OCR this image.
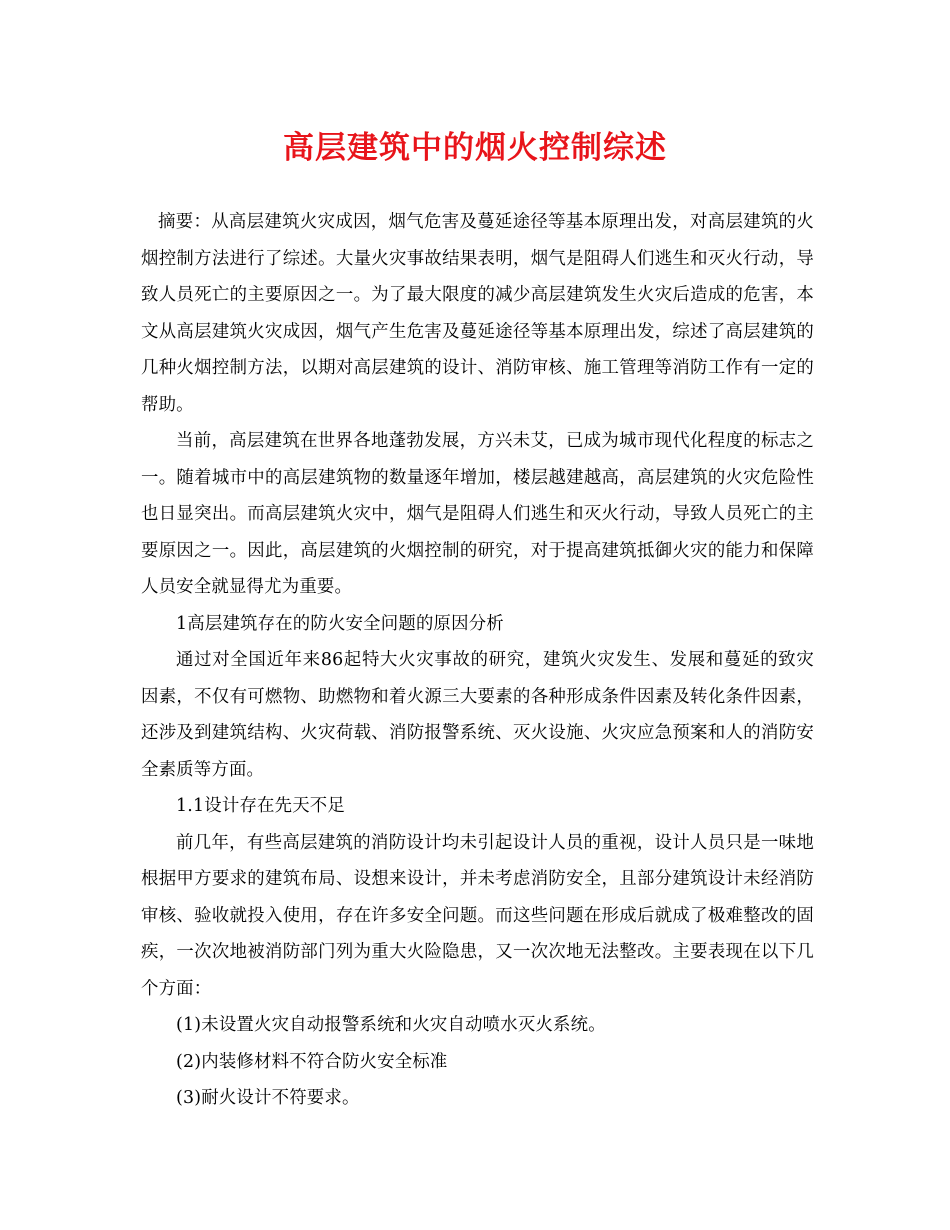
高层建筑中的烟火控制综述

摘要：从高层建筑火灾成因，烟气危害及蔓延途径等基本原理出发，对高层建筑的火烟控制方法进行了综述。大量火灾事故结果表明，烟气是阻碍人们逃生和灭火行动，导致人员死亡的主要原因之一。为了最大限度的减少高层建筑发生火灾后造成的危害，本文从高层建筑火灾成因，烟气产生危害及蔓延途径等基本原理出发，综述了高层建筑的几种火烟控制方法，以期对高层建筑的设计、消防审核、施工管理等消防工作有一定的帮助。

当前，高层建筑在世界各地蓬勃发展，方兴未艾，已成为城市现代化程度的标志之一。随着城市中的高层建筑物的数量逐年增加，楼层越建越高，高层建筑的火灾危险性也日显突出。而高层建筑火灾中，烟气是阻碍人们逃生和灭火行动，导致人员死亡的主要原因之一。因此，高层建筑的火烟控制的研究，对于提高建筑抵御火灾的能力和保障人员安全就显得尤为重要。

1高层建筑存在的防火安全问题的原因分析

通过对全国近年来86起特大火灾事故的研究，建筑火灾发生、发展和蔓延的致灾因素，不仅有可燃物、助燃物和着火源三大要素的各种形成条件因素及转化条件因素，还涉及到建筑结构、火灾荷载、消防报警系统、灭火设施、火灾应急预案和人的消防安全素质等方面。

1.1设计存在先天不足

前几年，有些高层建筑的消防设计均未引起设计人员的重视，设计人员只是一味地根据甲方要求的建筑布局、设想来设计，并未考虑消防安全，且部分建筑设计未经消防审核、验收就投入使用，存在许多安全问题。而这些问题在形成后就成了极难整改的固疾，一次次地被消防部门列为重大火险隐患，又一次次地无法整改。主要表现在以下几个方面：

(1)未设置火灾自动报警系统和火灾自动喷水灭火系统。

(2)内装修材料不符合防火安全标准

(3)耐火设计不符要求。
